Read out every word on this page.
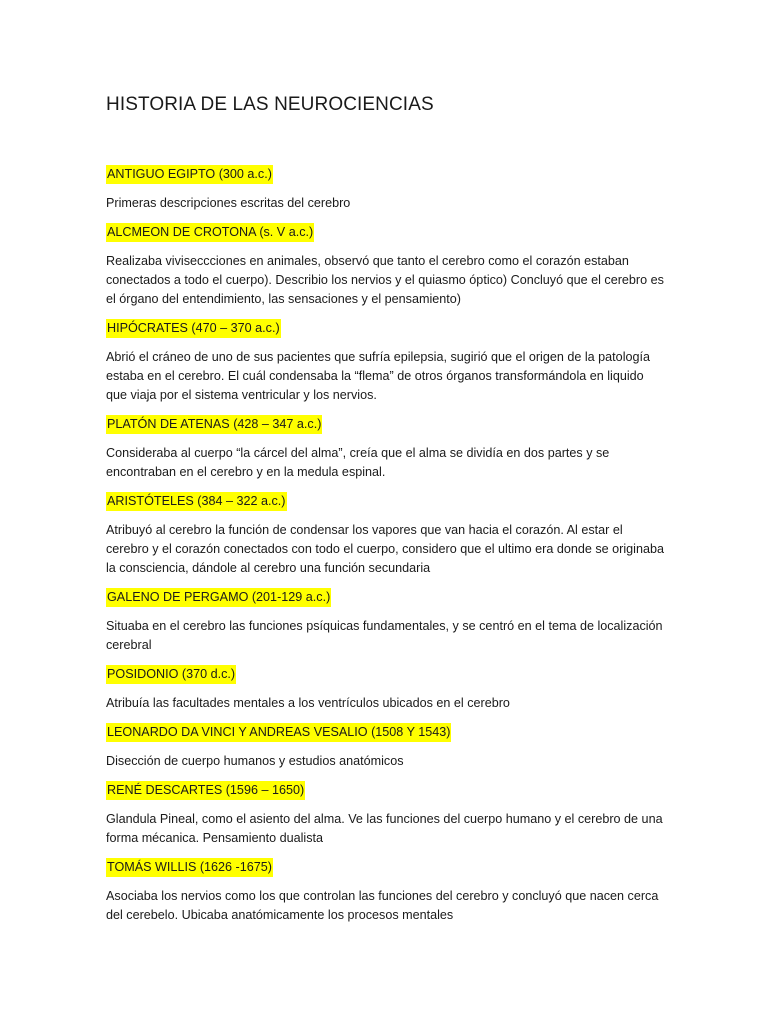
HISTORIA DE LAS NEUROCIENCIAS
ANTIGUO EGIPTO (300 a.c.)

Primeras descripciones escritas del cerebro

ALCMEON DE CROTONA (s. V a.c.)

Realizaba viviseccciones en animales, observó que tanto el cerebro como el corazón estaban conectados a todo el cuerpo). Describio los nervios y el quiasmo óptico) Concluyó que el cerebro es el órgano del entendimiento, las sensaciones y el pensamiento)

HIPÓCRATES (470 – 370 a.c.)

Abrió el cráneo de uno de sus pacientes que sufría epilepsia, sugirió que el origen de la patología estaba en el cerebro. El cuál condensaba la “flema” de otros órganos transformándola en liquido que viaja por el sistema ventricular y los nervios.

PLATÓN DE ATENAS (428 – 347 a.c.)

Consideraba al cuerpo “la cárcel del alma”, creía que el alma se dividía en dos partes y se encontraban en el cerebro y en la medula espinal.

ARISTÓTELES (384 – 322 a.c.)

Atribuyó al cerebro la función de condensar los vapores que van hacia el corazón. Al estar el cerebro y el corazón conectados con todo el cuerpo, considero que el ultimo era donde se originaba la consciencia, dándole al cerebro una función secundaria

GALENO DE PERGAMO (201-129 a.c.)

Situaba en el cerebro las funciones psíquicas fundamentales, y se centró en el tema de localización cerebral

POSIDONIO (370 d.c.)

Atribuía las facultades mentales a los ventrículos ubicados en el cerebro

LEONARDO DA VINCI Y ANDREAS VESALIO (1508 Y 1543)

Disección de cuerpo humanos y estudios anatómicos

RENÉ DESCARTES (1596 – 1650)

Glandula Pineal, como el asiento del alma. Ve las funciones del cuerpo humano y el cerebro de una forma mécanica. Pensamiento dualista

TOMÁS WILLIS (1626 -1675)

Asociaba los nervios como los que controlan las funciones del cerebro y concluyó que nacen cerca del cerebelo. Ubicaba anatómicamente los procesos mentales
